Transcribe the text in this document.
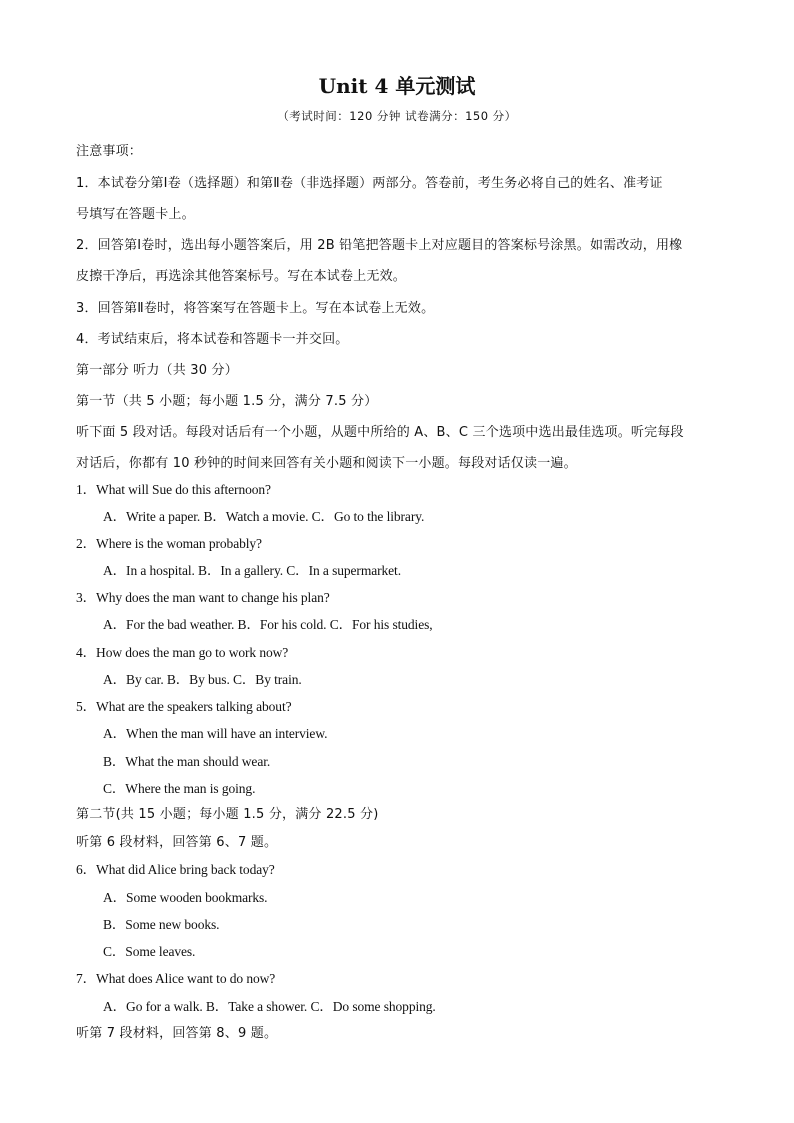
Unit 4 单元测试
（考试时间：120 分钟 试卷满分：150 分）
注意事项：
1．本试卷分第Ⅰ卷（选择题）和第Ⅱ卷（非选择题）两部分。答卷前，考生务必将自己的姓名、准考证
号填写在答题卡上。
2．回答第Ⅰ卷时，选出每小题答案后，用 2B 铅笔把答题卡上对应题目的答案标号涂黑。如需改动，用橡
皮擦干净后，再选涂其他答案标号。写在本试卷上无效。
3．回答第Ⅱ卷时，将答案写在答题卡上。写在本试卷上无效。
4．考试结束后，将本试卷和答题卡一并交回。
第一部分 听力（共 30 分）
第一节（共 5 小题；每小题 1.5 分，满分 7.5 分）
听下面 5 段对话。每段对话后有一个小题，从题中所给的 A、B、C 三个选项中选出最佳选项。听完每段
对话后，你都有 10 秒钟的时间来回答有关小题和阅读下一小题。每段对话仅读一遍。
1．What will Sue do this afternoon?
A．Write a paper. B．Watch a movie. C．Go to the library.
2．Where is the woman probably?
A．In a hospital. B．In a gallery. C．In a supermarket.
3．Why does the man want to change his plan?
A．For the bad weather. B．For his cold. C．For his studies,
4．How does the man go to work now?
A．By car. B．By bus. C．By train.
5．What are the speakers talking about?
A．When the man will have an interview.
B．What the man should wear.
C．Where the man is going.
第二节(共 15 小题；每小题 1.5 分，满分 22.5 分)
听第 6 段材料，回答第 6、7 题。
6．What did Alice bring back today?
A．Some wooden bookmarks.
B．Some new books.
C．Some leaves.
7．What does Alice want to do now?
A．Go for a walk. B．Take a shower. C．Do some shopping.
听第 7 段材料，回答第 8、9 题。
